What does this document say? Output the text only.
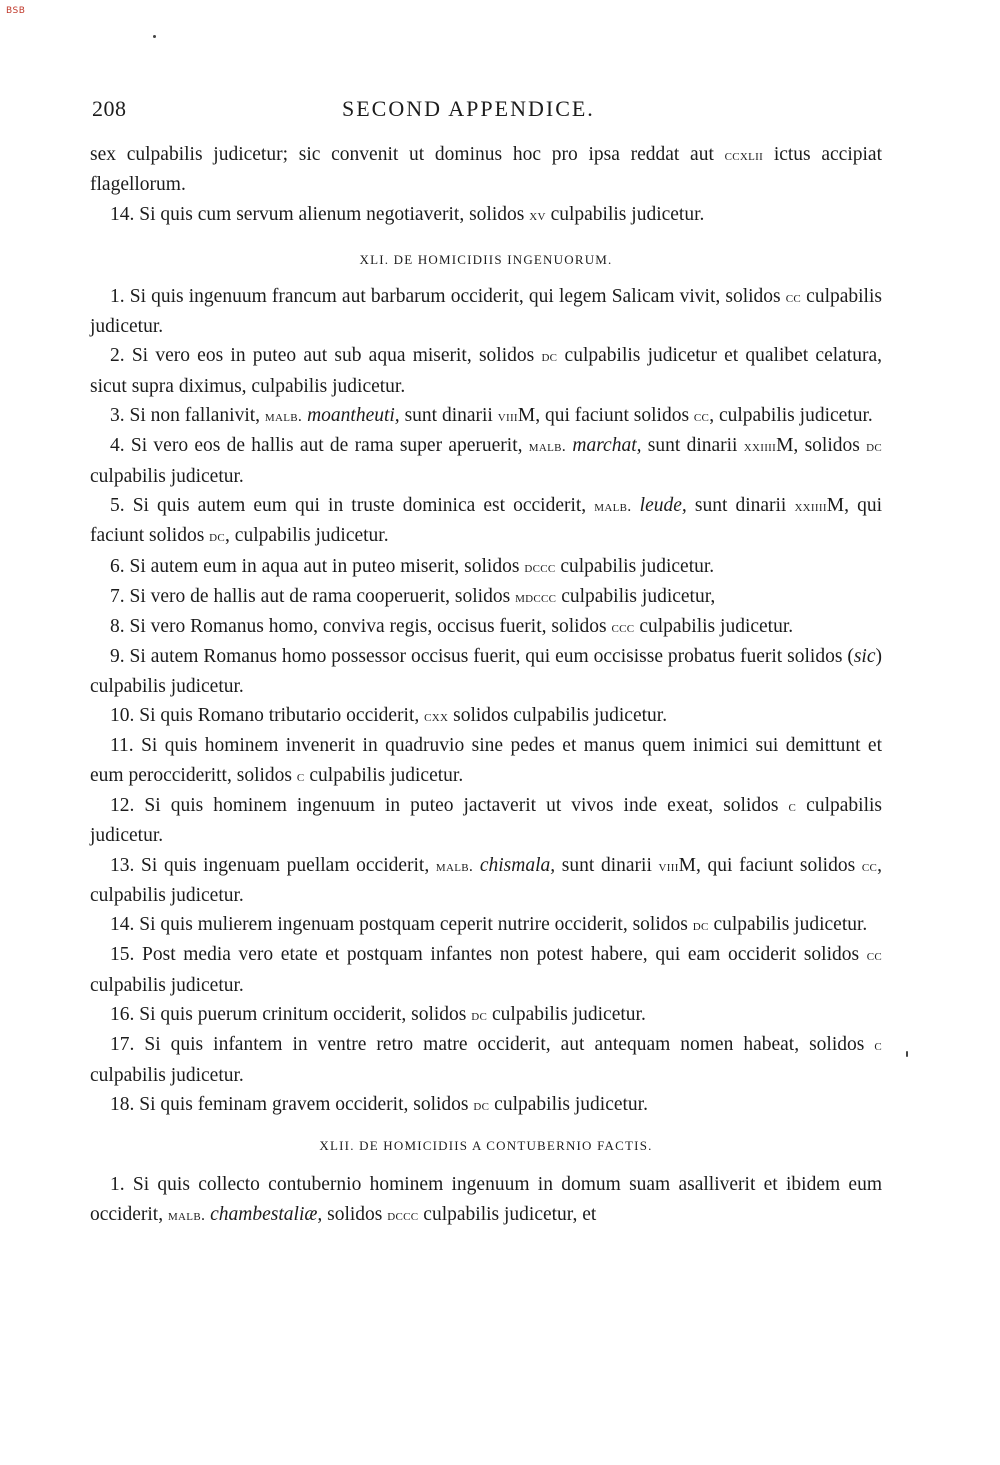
BSB
208	SECOND APPENDICE.

sex culpabilis judicetur; sic convenit ut dominus hoc pro ipsa reddat aut ccxlii ictus accipiat flagellorum.

14. Si quis cum servum alienum negotiaverit, solidos xv culpabilis judicetur.

XLI. DE HOMICIDIIS INGENUORUM.

1. Si quis ingenuum francum aut barbarum occiderit, qui legem Salicam vivit, solidos cc culpabilis judicetur.

2. Si vero eos in puteo aut sub aqua miserit, solidos dc culpabilis judicetur et qualibet celatura, sicut supra diximus, culpabilis judicetur.

3. Si non fallanivit, malb. moantheuti, sunt dinarii viiiM, qui faciunt solidos cc, culpabilis judicetur.

4. Si vero eos de hallis aut de rama super aperuerit, malb. marchat, sunt dinarii xxiiiiM, solidos dc culpabilis judicetur.

5. Si quis autem eum qui in truste dominica est occiderit, malb. leude, sunt dinarii xxiiiiM, qui faciunt solidos dc, culpabilis judicetur.

6. Si autem eum in aqua aut in puteo miserit, solidos dccc culpabilis judicetur.

7. Si vero de hallis aut de rama cooperuerit, solidos mdccc culpabilis judicetur,

8. Si vero Romanus homo, conviva regis, occisus fuerit, solidos ccc culpabilis judicetur.

9. Si autem Romanus homo possessor occisus fuerit, qui eum occisisse probatus fuerit solidos (sic) culpabilis judicetur.

10. Si quis Romano tributario occiderit, cxx solidos culpabilis judicetur.

11. Si quis hominem invenerit in quadruvio sine pedes et manus quem inimici sui demittunt et eum peroccideritt, solidos c culpabilis judicetur.

12. Si quis hominem ingenuum in puteo jactaverit ut vivos inde exeat, solidos c culpabilis judicetur.

13. Si quis ingenuam puellam occiderit, malb. chismala, sunt dinarii viiiM, qui faciunt solidos cc, culpabilis judicetur.

14. Si quis mulierem ingenuam postquam ceperit nutrire occiderit, solidos dc culpabilis judicetur.

15. Post media vero etate et postquam infantes non potest habere, qui eam occiderit solidos cc culpabilis judicetur.

16. Si quis puerum crinitum occiderit, solidos dc culpabilis judicetur.

17. Si quis infantem in ventre retro matre occiderit, aut antequam nomen habeat, solidos c culpabilis judicetur.

18. Si quis feminam gravem occiderit, solidos dc culpabilis judicetur.

XLII. DE HOMICIDIIS A CONTUBERNIO FACTIS.

1. Si quis collecto contubernio hominem ingenuum in domum suam asalliverit et ibidem eum occiderit, malb. chambestaliæ, solidos dccc culpabilis judicetur, et
